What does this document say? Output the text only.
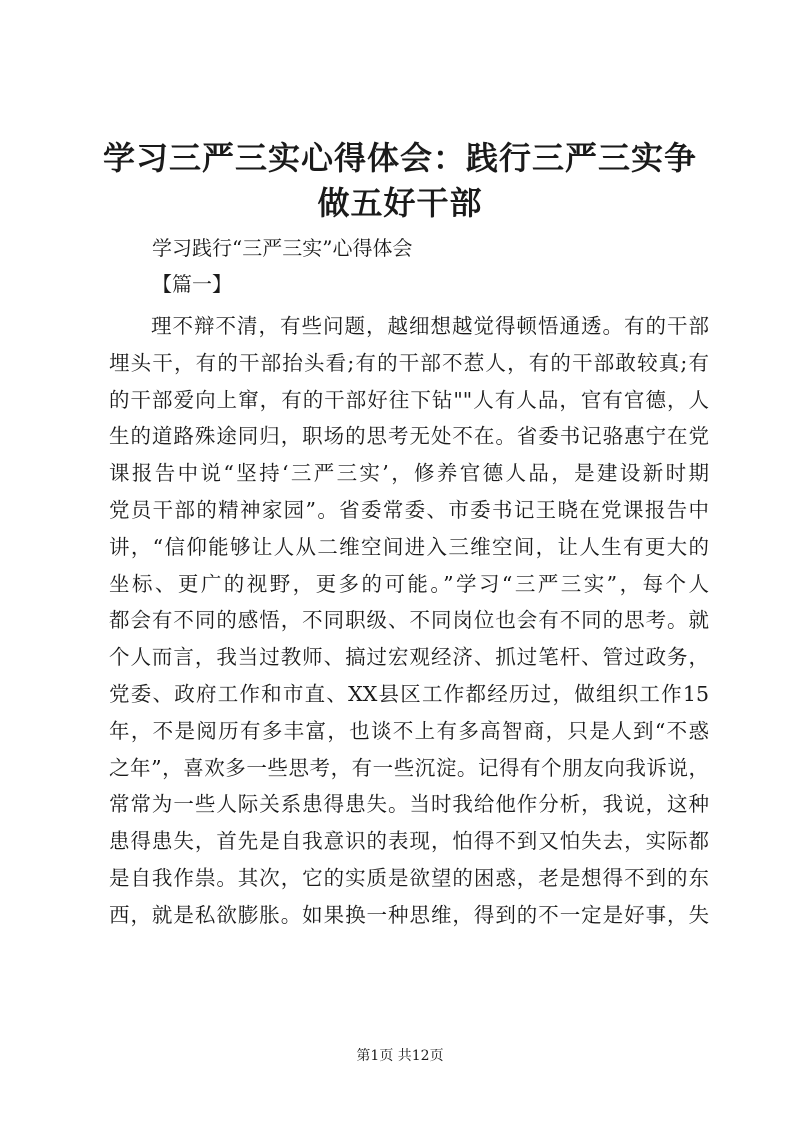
学习三严三实心得体会：践行三严三实争做五好干部
学习践行“三严三实”心得体会
【篇一】
理不辩不清，有些问题，越细想越觉得顿悟通透。有的干部
埋头干，有的干部抬头看;有的干部不惹人，有的干部敢较真;有
的干部爱向上窜，有的干部好往下钻""人有人品，官有官德，人
生的道路殊途同归，职场的思考无处不在。省委书记骆惠宁在党
课报告中说“坚持‘三严三实’，修养官德人品，是建设新时期
党员干部的精神家园”。省委常委、市委书记王晓在党课报告中
讲，“信仰能够让人从二维空间进入三维空间，让人生有更大的
坐标、更广的视野，更多的可能。”学习“三严三实”，每个人
都会有不同的感悟，不同职级、不同岗位也会有不同的思考。就
个人而言，我当过教师、搞过宏观经济、抓过笔杆、管过政务，
党委、政府工作和市直、XX县区工作都经历过，做组织工作15
年，不是阅历有多丰富，也谈不上有多高智商，只是人到“不惑
之年”，喜欢多一些思考，有一些沉淀。记得有个朋友向我诉说，
常常为一些人际关系患得患失。当时我给他作分析，我说，这种
患得患失，首先是自我意识的表现，怕得不到又怕失去，实际都
是自我作祟。其次，它的实质是欲望的困惑，老是想得不到的东
西，就是私欲膨胀。如果换一种思维，得到的不一定是好事，失
第1页 共12页
